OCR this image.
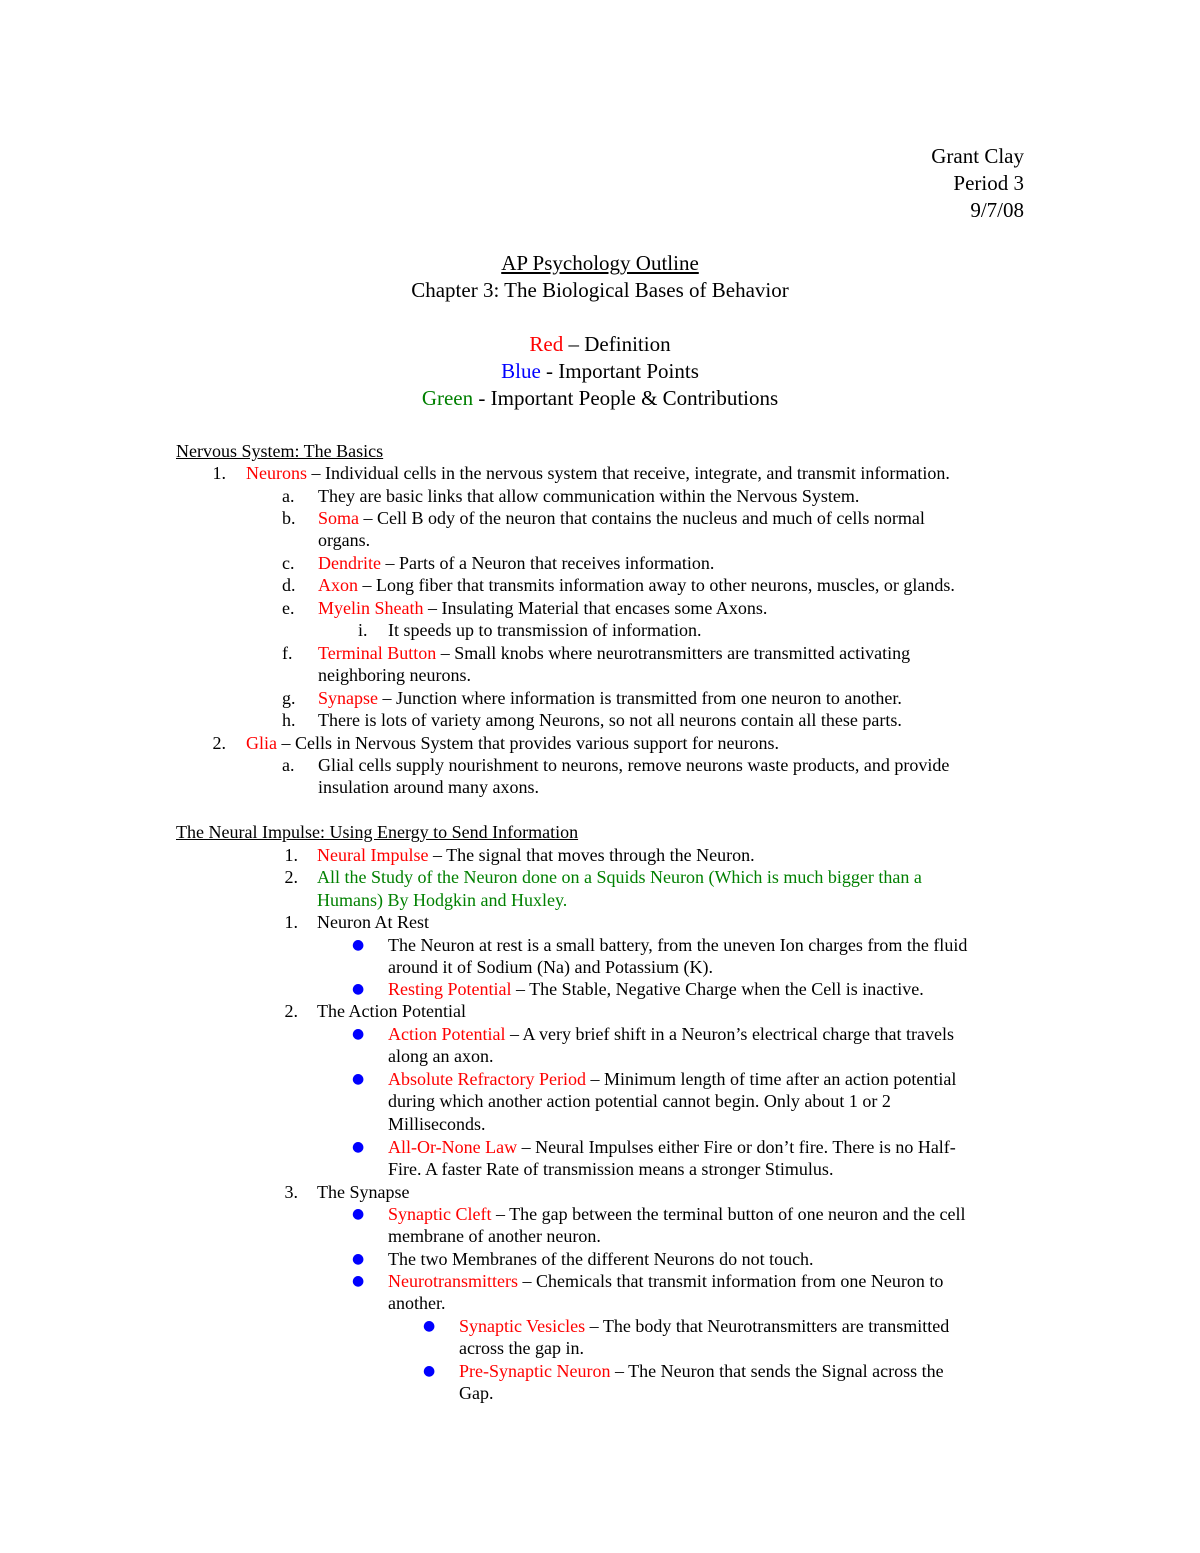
Grant Clay
Period 3
9/7/08
AP Psychology Outline
Chapter 3: The Biological Bases of Behavior
Red – Definition
Blue - Important Points
Green - Important People & Contributions
Nervous System: The Basics
1. Neurons – Individual cells in the nervous system that receive, integrate, and transmit information.
a. They are basic links that allow communication within the Nervous System.
b. Soma – Cell B ody of the neuron that contains the nucleus and much of cells normal
organs.
c. Dendrite – Parts of a Neuron that receives information.
d. Axon – Long fiber that transmits information away to other neurons, muscles, or glands.
e. Myelin Sheath – Insulating Material that encases some Axons.
i. It speeds up to transmission of information.
f. Terminal Button – Small knobs where neurotransmitters are transmitted activating
neighboring neurons.
g. Synapse – Junction where information is transmitted from one neuron to another.
h. There is lots of variety among Neurons, so not all neurons contain all these parts.
2. Glia – Cells in Nervous System that provides various support for neurons.
a. Glial cells supply nourishment to neurons, remove neurons waste products, and provide
insulation around many axons.
The Neural Impulse: Using Energy to Send Information
1. Neural Impulse – The signal that moves through the Neuron.
2. All the Study of the Neuron done on a Squids Neuron (Which is much bigger than a
Humans) By Hodgkin and Huxley.
1. Neuron At Rest
● The Neuron at rest is a small battery, from the uneven Ion charges from the fluid
around it of Sodium (Na) and Potassium (K).
● Resting Potential – The Stable, Negative Charge when the Cell is inactive.
2. The Action Potential
● Action Potential – A very brief shift in a Neuron’s electrical charge that travels
along an axon.
● Absolute Refractory Period – Minimum length of time after an action potential
during which another action potential cannot begin. Only about 1 or 2
Milliseconds.
● All-Or-None Law – Neural Impulses either Fire or don’t fire. There is no Half-
Fire. A faster Rate of transmission means a stronger Stimulus.
3. The Synapse
● Synaptic Cleft – The gap between the terminal button of one neuron and the cell
membrane of another neuron.
● The two Membranes of the different Neurons do not touch.
● Neurotransmitters – Chemicals that transmit information from one Neuron to
another.
● Synaptic Vesicles – The body that Neurotransmitters are transmitted
across the gap in.
● Pre-Synaptic Neuron – The Neuron that sends the Signal across the
Gap.
